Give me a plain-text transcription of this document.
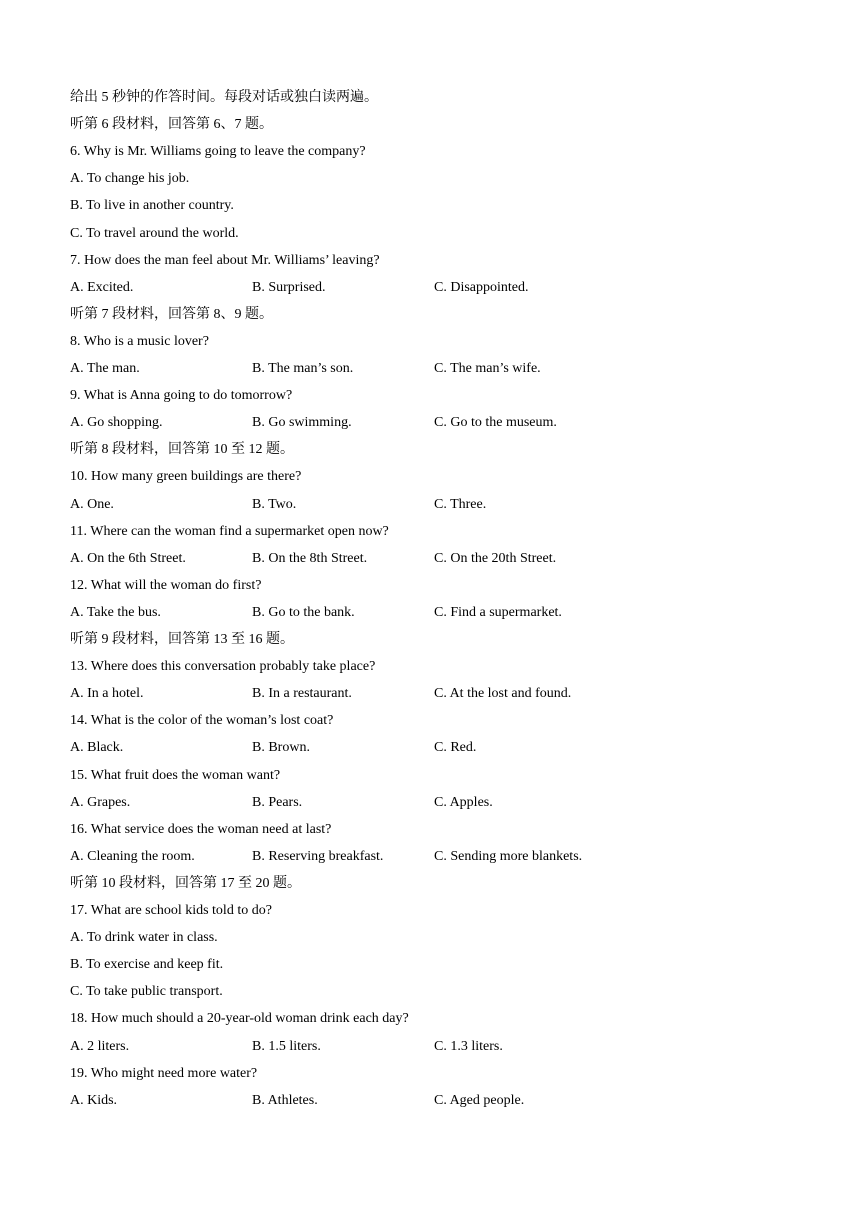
给出 5 秒钟的作答时间。每段对话或独白读两遍。
听第 6 段材料，回答第 6、7 题。
6. Why is Mr. Williams going to leave the company?
A. To change his job.
B. To live in another country.
C. To travel around the world.
7. How does the man feel about Mr. Williams’ leaving?
A. Excited.	B. Surprised.	C. Disappointed.
听第 7 段材料，回答第 8、9 题。
8. Who is a music lover?
A. The man.	B. The man’s son.	C. The man’s wife.
9. What is Anna going to do tomorrow?
A. Go shopping.	B. Go swimming.	C. Go to the museum.
听第 8 段材料，回答第 10 至 12 题。
10. How many green buildings are there?
A. One.	B. Two.	C. Three.
11. Where can the woman find a supermarket open now?
A. On the 6th Street.	B. On the 8th Street.	C. On the 20th Street.
12. What will the woman do first?
A. Take the bus.	B. Go to the bank.	C. Find a supermarket.
听第 9 段材料，回答第 13 至 16 题。
13. Where does this conversation probably take place?
A. In a hotel.	B. In a restaurant.	C. At the lost and found.
14. What is the color of the woman’s lost coat?
A. Black.	B. Brown.	C. Red.
15. What fruit does the woman want?
A. Grapes.	B. Pears.	C. Apples.
16. What service does the woman need at last?
A. Cleaning the room.	B. Reserving breakfast.	C. Sending more blankets.
听第 10 段材料，回答第 17 至 20 题。
17. What are school kids told to do?
A. To drink water in class.
B. To exercise and keep fit.
C. To take public transport.
18. How much should a 20-year-old woman drink each day?
A. 2 liters.	B. 1.5 liters.	C. 1.3 liters.
19. Who might need more water?
A. Kids.	B. Athletes.	C. Aged people.
